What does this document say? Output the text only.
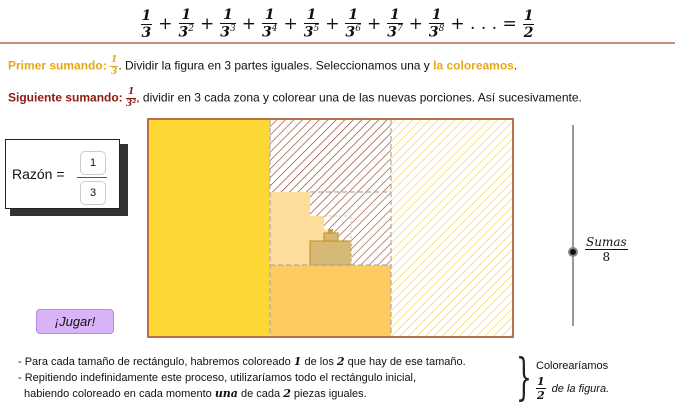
$\frac{1}{3} + \frac{1}{3^2} + \frac{1}{3^3} + \frac{1}{3^4} + \frac{1}{3^5} + \frac{1}{3^6} + \frac{1}{3^7} + \frac{1}{3^8}$ + . . . = $\frac{1}{2}$
Primer sumando: $\frac{1}{3}$ . Dividir la figura en 3 partes iguales. Seleccionamos una y la coloreamos.
Siguiente sumando: $\frac{1}{\text{3²}}$ , dividir en 3 cada zona y colorear una de las nuevas porciones. Así sucesivamente.
Razón =
1
3
¡Jugar!
$\frac{\text{Sumas}}{8}$
- Para cada tamaño de rectángulo, habremos coloreado 1 de los 2 que hay de ese tamaño.
- Repitiendo indefinidamente este proceso, utilizaríamos todo el rectángulo inicial,
habiendo coloreado en cada momento una de cada 2 piezas iguales.	} Colorearíamos
$\frac{1}{2}$ de la figura.
